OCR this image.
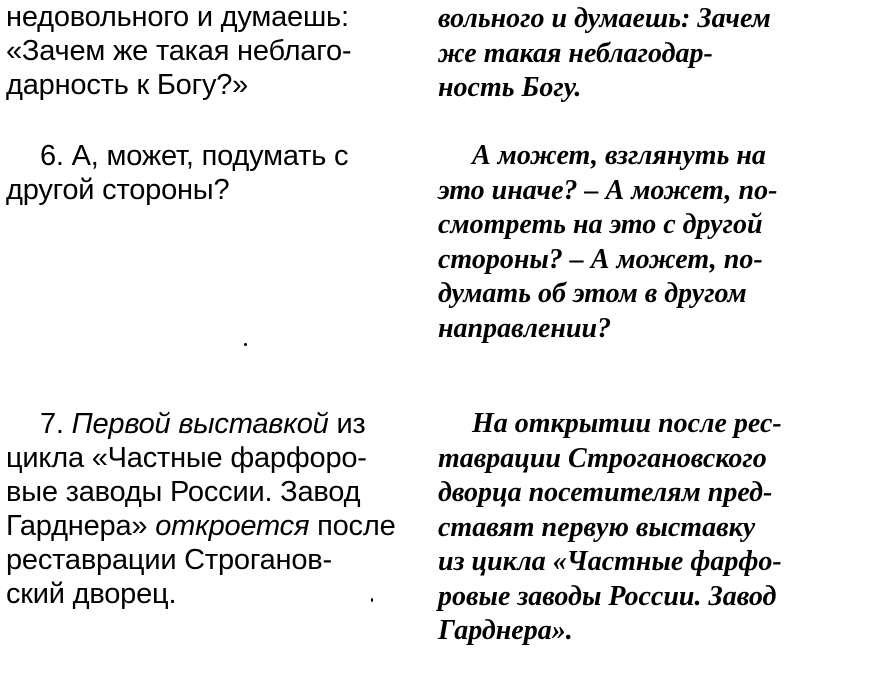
недовольного и думаешь:
«Зачем же такая неблаго-
дарность к Богу?»
6. А, может, подумать с
другой стороны?
7. Первой выставкой из
цикла «Частные фарфоро-
вые заводы России. Завод
Гарднера» откроется после
реставрации Строганов-
ский дворец.
вольного и думаешь: Зачем
же такая неблагодар-
ность Богу.
А может, взглянуть на
это иначе? – А может, по-
смотреть на это с другой
стороны? – А может, по-
думать об этом в другом
направлении?
На открытии после рес-
таврации Строгановского
дворца посетителям пред-
ставят первую выставку
из цикла «Частные фарфо-
ровые заводы России. Завод
Гарднера».
